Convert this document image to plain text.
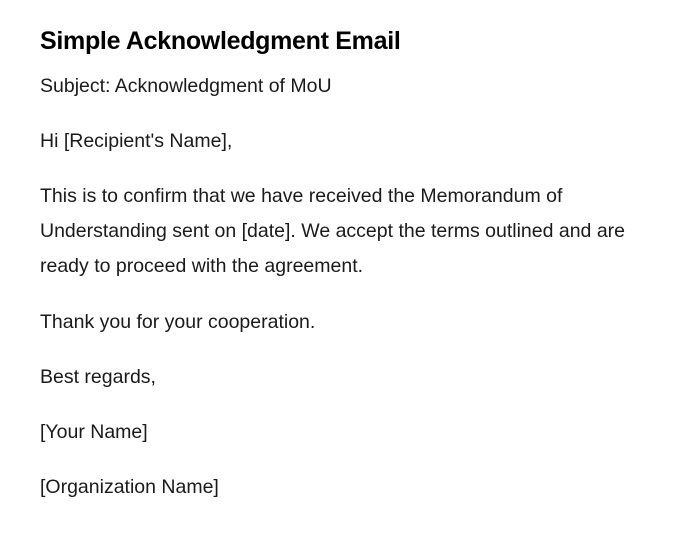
Simple Acknowledgment Email

Subject: Acknowledgment of MoU

Hi [Recipient's Name],

This is to confirm that we have received the Memorandum of Understanding sent on [date]. We accept the terms outlined and are ready to proceed with the agreement.

Thank you for your cooperation.

Best regards,

[Your Name]

[Organization Name]
